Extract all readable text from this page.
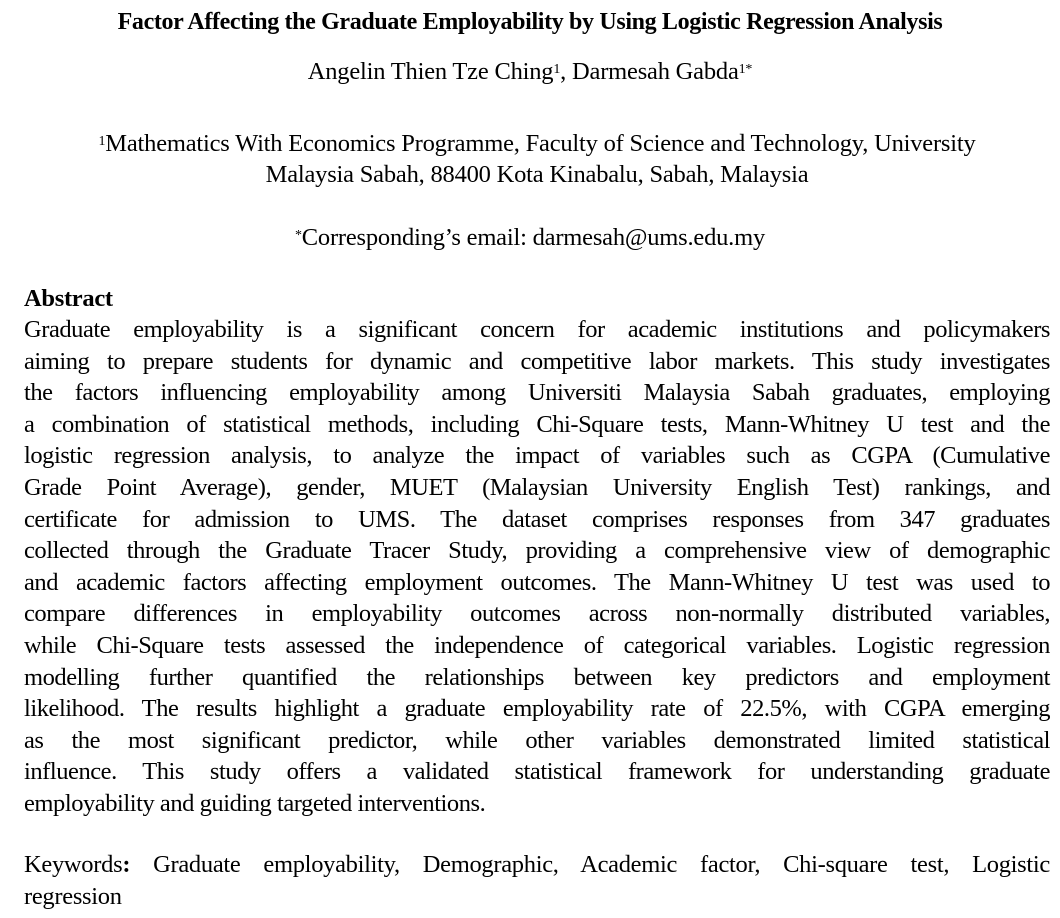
Factor Affecting the Graduate Employability by Using Logistic Regression Analysis
Angelin Thien Tze Ching$^1$, Darmesah Gabda$^{1*}$
$^1$Mathematics With Economics Programme, Faculty of Science and Technology, University
Malaysia Sabah, 88400 Kota Kinabalu, Sabah, Malaysia
*Corresponding’s email: darmesah@ums.edu.my
Abstract
Graduate employability is a significant concern for academic institutions and policymakers
aiming to prepare students for dynamic and competitive labor markets. This study investigates
the factors influencing employability among Universiti Malaysia Sabah graduates, employing
a combination of statistical methods, including Chi-Square tests, Mann-Whitney U test and the
logistic regression analysis, to analyze the impact of variables such as CGPA (Cumulative
Grade Point Average), gender, MUET (Malaysian University English Test) rankings, and
certificate for admission to UMS. The dataset comprises responses from 347 graduates
collected through the Graduate Tracer Study, providing a comprehensive view of demographic
and academic factors affecting employment outcomes. The Mann-Whitney U test was used to
compare differences in employability outcomes across non-normally distributed variables,
while Chi-Square tests assessed the independence of categorical variables. Logistic regression
modelling further quantified the relationships between key predictors and employment
likelihood. The results highlight a graduate employability rate of 22.5%, with CGPA emerging
as the most significant predictor, while other variables demonstrated limited statistical
influence. This study offers a validated statistical framework for understanding graduate
employability and guiding targeted interventions.
Keywords: Graduate employability, Demographic, Academic factor, Chi-square test, Logistic
regression
